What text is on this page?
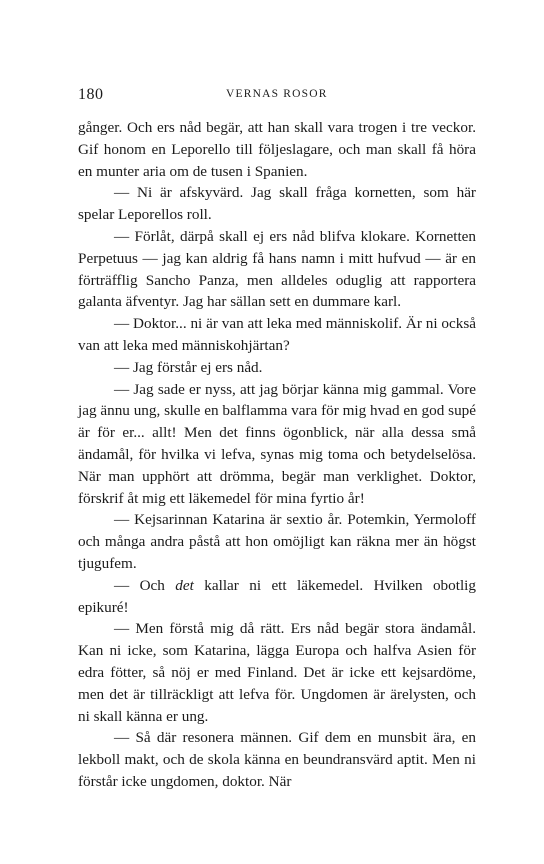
180	VERNAS ROSOR

gånger. Och ers nåd begär, att han skall vara trogen i tre veckor. Gif honom en Leporello till följeslagare, och man skall få höra en munter aria om de tusen i Spanien.

— Ni är afskyvärd. Jag skall fråga kornetten, som här spelar Leporellos roll.

— Förlåt, därpå skall ej ers nåd blifva klokare. Kornetten Perpetuus — jag kan aldrig få hans namn i mitt hufvud — är en förträfflig Sancho Panza, men alldeles oduglig att rapportera galanta äfventyr. Jag har sällan sett en dummare karl.

— Doktor... ni är van att leka med människolif. Är ni också van att leka med människohjärtan?

— Jag förstår ej ers nåd.

— Jag sade er nyss, att jag börjar känna mig gammal. Vore jag ännu ung, skulle en balflamma vara för mig hvad en god supé är för er... allt! Men det finns ögonblick, när alla dessa små ändamål, för hvilka vi lefva, synas mig toma och betydelselösa. När man upphört att drömma, begär man verklighet. Doktor, förskrif åt mig ett läkemedel för mina fyrtio år!

— Kejsarinnan Katarina är sextio år. Potemkin, Yermoloff och många andra påstå att hon omöjligt kan räkna mer än högst tjugufem.

— Och det kallar ni ett läkemedel. Hvilken obotlig epikuré!

— Men förstå mig då rätt. Ers nåd begär stora ändamål. Kan ni icke, som Katarina, lägga Europa och halfva Asien för edra fötter, så nöj er med Finland. Det är icke ett kejsardöme, men det är tillräckligt att lefva för. Ungdomen är ärelysten, och ni skall känna er ung.

— Så där resonera männen. Gif dem en munsbit ära, en lekboll makt, och de skola känna en beundransvärd aptit. Men ni förstår icke ungdomen, doktor. När
